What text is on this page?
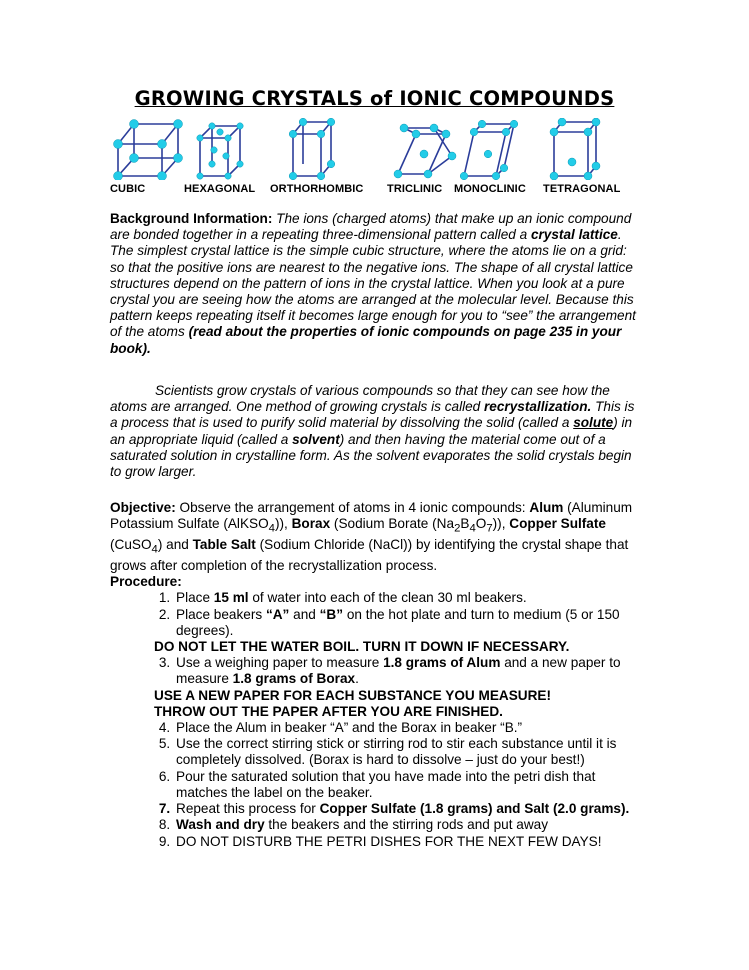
GROWING CRYSTALS of IONIC COMPOUNDS
CUBIC	HEXAGONAL ORTHORHOMBIC TRICLINIC MONOCLINIC TETRAGONAL

Background Information: The ions (charged atoms) that make up an ionic compound are bonded together in a repeating three-dimensional pattern called a crystal lattice. The simplest crystal lattice is the simple cubic structure, where the atoms lie on a grid: so that the positive ions are nearest to the negative ions. The shape of all crystal lattice structures depend on the pattern of ions in the crystal lattice. When you look at a pure crystal you are seeing how the atoms are arranged at the molecular level. Because this pattern keeps repeating itself it becomes large enough for you to “see” the arrangement of the atoms (read about the properties of ionic compounds on page 235 in your book).

Scientists grow crystals of various compounds so that they can see how the atoms are arranged. One method of growing crystals is called recrystallization. This is a process that is used to purify solid material by dissolving the solid (called a solute) in an appropriate liquid (called a solvent) and then having the material come out of a saturated solution in crystalline form. As the solvent evaporates the solid crystals begin to grow larger.

Objective: Observe the arrangement of atoms in 4 ionic compounds: Alum (Aluminum Potassium Sulfate (AlKSO$_4$)), Borax (Sodium Borate $(Na_2B_4O_7)$), Copper Sulfate (CuSO$_4$) and Table Salt (Sodium Chloride (NaCl)) by identifying the crystal shape that grows after completion of the recrystallization process.

Procedure:

1. Place 15 ml of water into each of the clean 30 ml beakers.
2. Place beakers “A” and “B” on the hot plate and turn to medium (5 or 150 degrees).

DO NOT LET THE WATER BOIL. TURN IT DOWN IF NECESSARY.

3. Use a weighing paper to measure 1.8 grams of Alum and a new paper to measure 1.8 grams of Borax.

USE A NEW PAPER FOR EACH SUBSTANCE YOU MEASURE!

THROW OUT THE PAPER AFTER YOU ARE FINISHED.

4. Place the Alum in beaker “A” and the Borax in beaker “B.”
5. Use the correct stirring stick or stirring rod to stir each substance until it is completely dissolved. (Borax is hard to dissolve – just do your best!)
6. Pour the saturated solution that you have made into the petri dish that matches the label on the beaker.
7. Repeat this process for Copper Sulfate (1.8 grams) and Salt (2.0 grams).
8. Wash and dry the beakers and the stirring rods and put away
9. DO NOT DISTURB THE PETRI DISHES FOR THE NEXT FEW DAYS!
